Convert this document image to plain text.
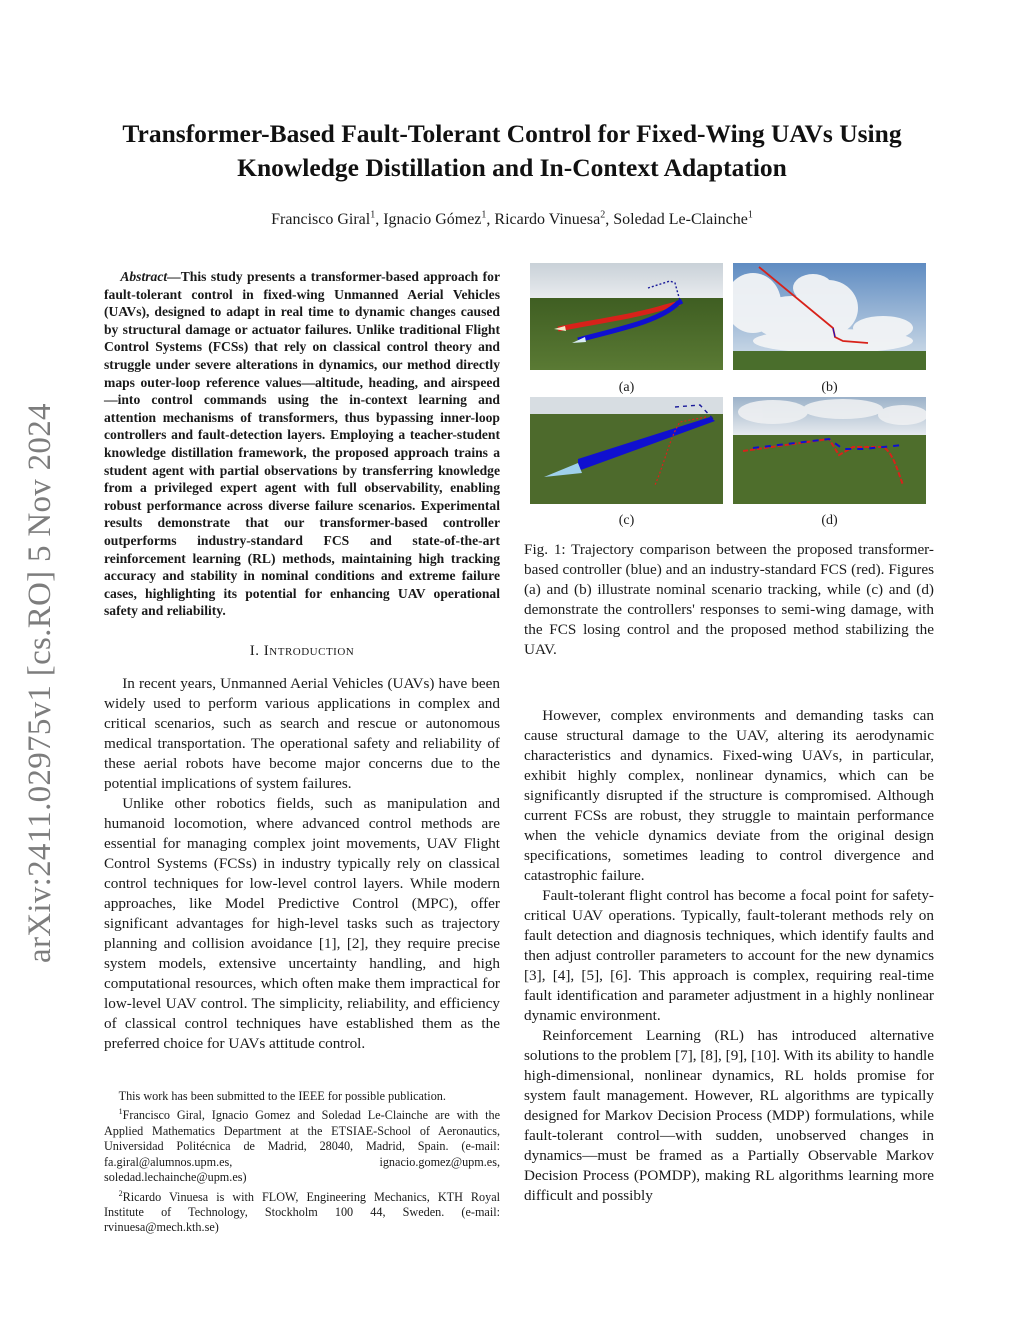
arXiv:2411.02975v1 [cs.RO] 5 Nov 2024
Transformer-Based Fault-Tolerant Control for Fixed-Wing UAVs Using
Knowledge Distillation and In-Context Adaptation
Francisco Giral$^1$, Ignacio Gómez$^1$, Ricardo Vinuesa$^2$, Soledad Le-Clainche$^1$
Abstract—This study presents a transformer-based approach for fault-tolerant control in fixed-wing Unmanned Aerial Vehicles (UAVs), designed to adapt in real time to dynamic changes caused by structural damage or actuator failures. Unlike traditional Flight Control Systems (FCSs) that rely on classical control theory and struggle under severe alterations in dynamics, our method directly maps outer-loop reference values—altitude, heading, and airspeed—into control commands using the in-context learning and attention mechanisms of transformers, thus bypassing inner-loop controllers and fault-detection layers. Employing a teacher-student knowledge distillation framework, the proposed approach trains a student agent with partial observations by transferring knowledge from a privileged expert agent with full observability, enabling robust performance across diverse failure scenarios. Experimental results demonstrate that our transformer-based controller outperforms industry-standard FCS and state-of-the-art reinforcement learning (RL) methods, maintaining high tracking accuracy and stability in nominal conditions and extreme failure cases, highlighting its potential for enhancing UAV operational safety and reliability.
I. Introduction

In recent years, Unmanned Aerial Vehicles (UAVs) have been widely used to perform various applications in complex and critical scenarios, such as search and rescue or autonomous medical transportation. The operational safety and reliability of these aerial robots have become major concerns due to the potential implications of system failures.

Unlike other robotics fields, such as manipulation and humanoid locomotion, where advanced control methods are essential for managing complex joint movements, UAV Flight Control Systems (FCSs) in industry typically rely on classical control techniques for low-level control layers. While modern approaches, like Model Predictive Control (MPC), offer significant advantages for high-level tasks such as trajectory planning and collision avoidance [1], [2], they require precise system models, extensive uncertainty handling, and high computational resources, which often make them impractical for low-level UAV control. The simplicity, reliability, and efficiency of classical control techniques have established them as the preferred choice for UAVs attitude control.

This work has been submitted to the IEEE for possible publication.

$^1$Francisco Giral, Ignacio Gomez and Soledad Le-Clainche are with the Applied Mathematics Department at the ETSIAE-School of Aeronautics, Universidad Politécnica de Madrid, 28040, Madrid, Spain. (e-mail: fa.giral@alumnos.upm.es, ignacio.gomez@upm.es, soledad.lechainche@upm.es)

$^2$Ricardo Vinuesa is with FLOW, Engineering Mechanics, KTH Royal Institute of Technology, Stockholm 100 44, Sweden. (e-mail: rvinuesa@mech.kth.se)

(a)	(b)
(c)	(d)

Fig. 1: Trajectory comparison between the proposed transformer-based controller (blue) and an industry-standard FCS (red). Figures (a) and (b) illustrate nominal scenario tracking, while (c) and (d) demonstrate the controllers' responses to semi-wing damage, with the FCS losing control and the proposed method stabilizing the UAV.

However, complex environments and demanding tasks can cause structural damage to the UAV, altering its aerodynamic characteristics and dynamics. Fixed-wing UAVs, in particular, exhibit highly complex, nonlinear dynamics, which can be significantly disrupted if the structure is compromised. Although current FCSs are robust, they struggle to maintain performance when the vehicle dynamics deviate from the original design specifications, sometimes leading to control divergence and catastrophic failure.

Fault-tolerant flight control has become a focal point for safety-critical UAV operations. Typically, fault-tolerant methods rely on fault detection and diagnosis techniques, which identify faults and then adjust controller parameters to account for the new dynamics [3], [4], [5], [6]. This approach is complex, requiring real-time fault identification and parameter adjustment in a highly nonlinear dynamic environment.

Reinforcement Learning (RL) has introduced alternative solutions to the problem [7], [8], [9], [10]. With its ability to handle high-dimensional, nonlinear dynamics, RL holds promise for system fault management. However, RL algorithms are typically designed for Markov Decision Process (MDP) formulations, while fault-tolerant control—with sudden, unobserved changes in dynamics—must be framed as a Partially Observable Markov Decision Process (POMDP), making RL algorithms learning more difficult and possibly
